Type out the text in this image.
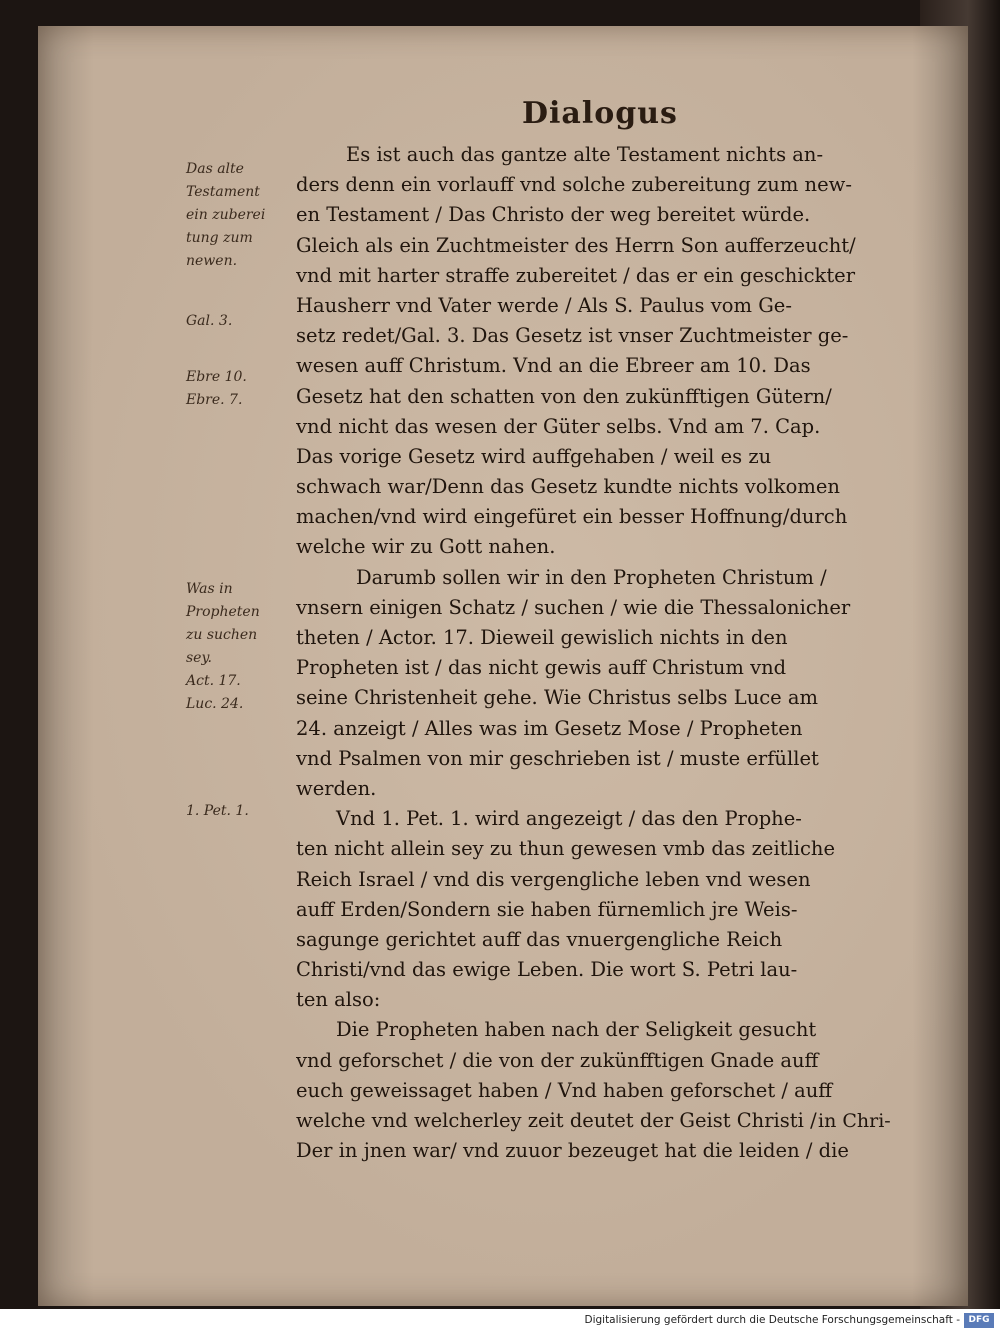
Dialogus
Das alte
Testament
ein zuberei
tung zum
newen.
Gal. 3.
Ebre 10.
Ebre. 7.
Was in
Propheten
zu suchen
sey.
Act. 17.
Luc. 24.
1. Pet. 1.
Es ist auch das gantze alte Testament nichts an-
ders denn ein vorlauff vnd solche zubereitung zum new-
en Testament / Das Christo der weg bereitet würde.
Gleich als ein Zuchtmeister des Herrn Son aufferzeucht/
vnd mit harter straffe zubereitet / das er ein geschickter
Hausherr vnd Vater werde / Als S. Paulus vom Ge-
setz redet/Gal. 3. Das Gesetz ist vnser Zuchtmeister ge-
wesen auff Christum. Vnd an die Ebreer am 10. Das
Gesetz hat den schatten von den zukünfftigen Gütern/
vnd nicht das wesen der Güter selbs. Vnd am 7. Cap.
Das vorige Gesetz wird auffgehaben / weil es zu
schwach war/Denn das Gesetz kundte nichts volkomen
machen/vnd wird eingefüret ein besser Hoffnung/durch
welche wir zu Gott nahen.
Darumb sollen wir in den Propheten Christum /
vnsern einigen Schatz / suchen / wie die Thessalonicher
theten / Actor. 17. Dieweil gewislich nichts in den
Propheten ist / das nicht gewis auff Christum vnd
seine Christenheit gehe. Wie Christus selbs Luce am
24. anzeigt / Alles was im Gesetz Mose / Propheten
vnd Psalmen von mir geschrieben ist / muste erfüllet
werden.
Vnd 1. Pet. 1. wird angezeigt / das den Prophe-
ten nicht allein sey zu thun gewesen vmb das zeitliche
Reich Israel / vnd dis vergengliche leben vnd wesen
auff Erden/Sondern sie haben fürnemlich jre Weis-
sagunge gerichtet auff das vnuergengliche Reich
Christi/vnd das ewige Leben. Die wort S. Petri lau-
ten also:
Die Propheten haben nach der Seligkeit gesucht
vnd geforschet / die von der zukünfftigen Gnade auff
euch geweissaget haben / Vnd haben geforschet / auff
welche vnd welcherley zeit deutet der Geist Christi /
Der in jnen war/ vnd zuuor bezeuget hat die leiden / die
in Chri-
Digitalisierung gefördert durch die Deutsche Forschungsgemeinschaft - DFG
